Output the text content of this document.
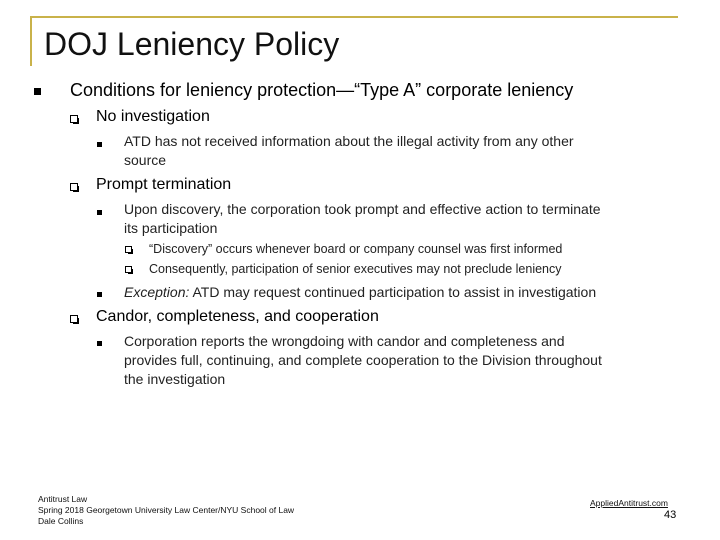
DOJ Leniency Policy
Conditions for leniency protection—“Type A” corporate leniency
No investigation
ATD has not received information about the illegal activity from any other
source
Prompt termination
Upon discovery, the corporation took prompt and effective action to terminate
its participation
“Discovery” occurs whenever board or company counsel was first informed
Consequently, participation of senior executives may not preclude leniency
Exception: ATD may request continued participation to assist in investigation
Candor, completeness, and cooperation
Corporation reports the wrongdoing with candor and completeness and
provides full, continuing, and complete cooperation to the Division throughout
the investigation
Antitrust Law
Spring 2018 Georgetown University Law Center/NYU School of Law
Dale Collins
AppliedAntitrust.com
43
